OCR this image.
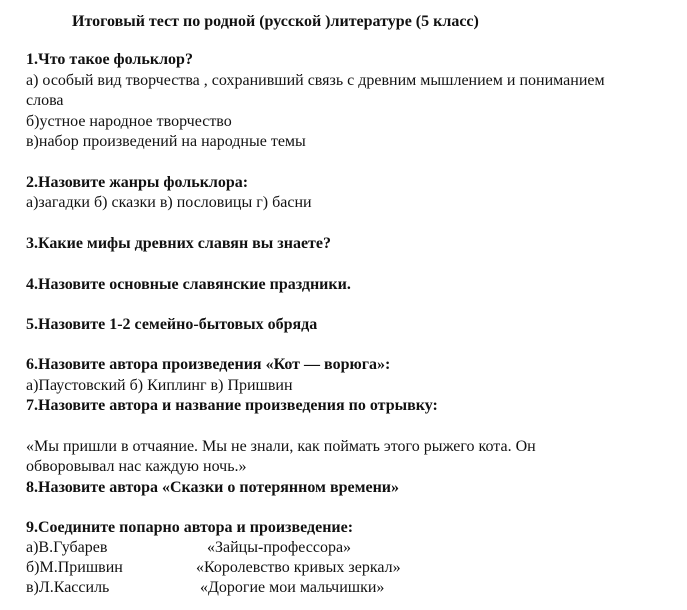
Итоговый тест по родной (русской )литературе (5 класс)
1.Что такое фольклор?
а) особый вид творчества , сохранивший связь с древним мышлением и пониманием
слова
б)устное народное творчество
в)набор произведений на народные темы
2.Назовите жанры фольклора:
а)загадки б) сказки в) пословицы г) басни
3.Какие мифы древних славян вы знаете?
4.Назовите основные славянские праздники.
5.Назовите 1-2 семейно-бытовых обряда
6.Назовите автора произведения «Кот — ворюга»:
а)Паустовский б) Киплинг в) Пришвин
7.Назовите автора и название произведения по отрывку:
«Мы пришли в отчаяние. Мы не знали, как поймать этого рыжего кота. Он
обворовывал нас каждую ночь.»
8.Назовите автора «Сказки о потерянном времени»
9.Соедините попарно автора и произведение:
а)В.Губарев	«Зайцы-профессора»
б)М.Пришвин	«Королевство кривых зеркал»
в)Л.Кассиль	«Дорогие мои мальчишки»
